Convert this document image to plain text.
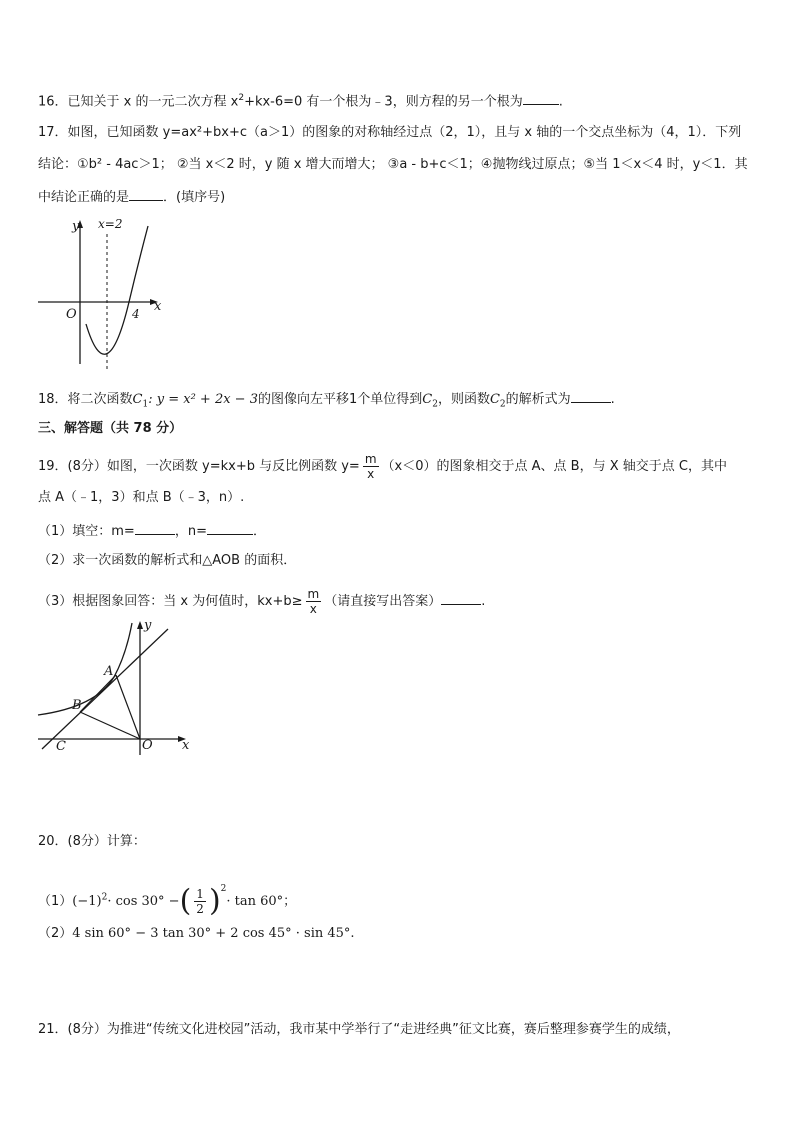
16．已知关于 x 的一元二次方程 $x^2+kx-6=0$ 有一个根为﹣3，则方程的另一个根为	.
17．如图，已知函数 y=ax²+bx+c（a＞1）的图象的对称轴经过点（2，1），且与 x 轴的一个交点坐标为（4，1）．下列
结论：①b² - 4ac＞1； ②当 x＜2 时，y 随 x 增大而增大； ③a - b+c＜1；④抛物线过原点；⑤当 1＜x＜4 时，y＜1．其
中结论正确的是	．(填序号)
y x=2
x
O	4
18．将二次函数$C_1$: y = x² + 2x − 3的图像向左平移1个单位得到$C_2$，则函数$C_2$的解析式为	.
三、解答题（共 78 分）
19．(8分）如图，一次函数 y=kx+b 与反比例函数 $y= \frac{m}{x} (x<0)$的图象相交于点 A、点 B，与 X 轴交于点 C，其中
点 A（﹣1，3）和点 B（﹣3，n）.
（1）填空：m=	，n=	．
（2）求一次函数的解析式和△AOB 的面积．
（3）根据图象回答：当 x 为何值时，$kx+b\ge \frac{m}{x}$ （请直接写出答案）	.
y
x
A
B
C	O
20．(8分）计算：
$(1)(-1)^2\cdot \cos 30^\circ$ −( $\frac{1}{2} )^2\cdot \tan 60^\circ$；
（2）4 sin 60° − 3 tan 30° + 2 cos 45° · sin 45°.
21．(8分）为推进“传统文化进校园”活动，我市某中学举行了“走进经典”征文比赛，赛后整理参赛学生的成绩，
